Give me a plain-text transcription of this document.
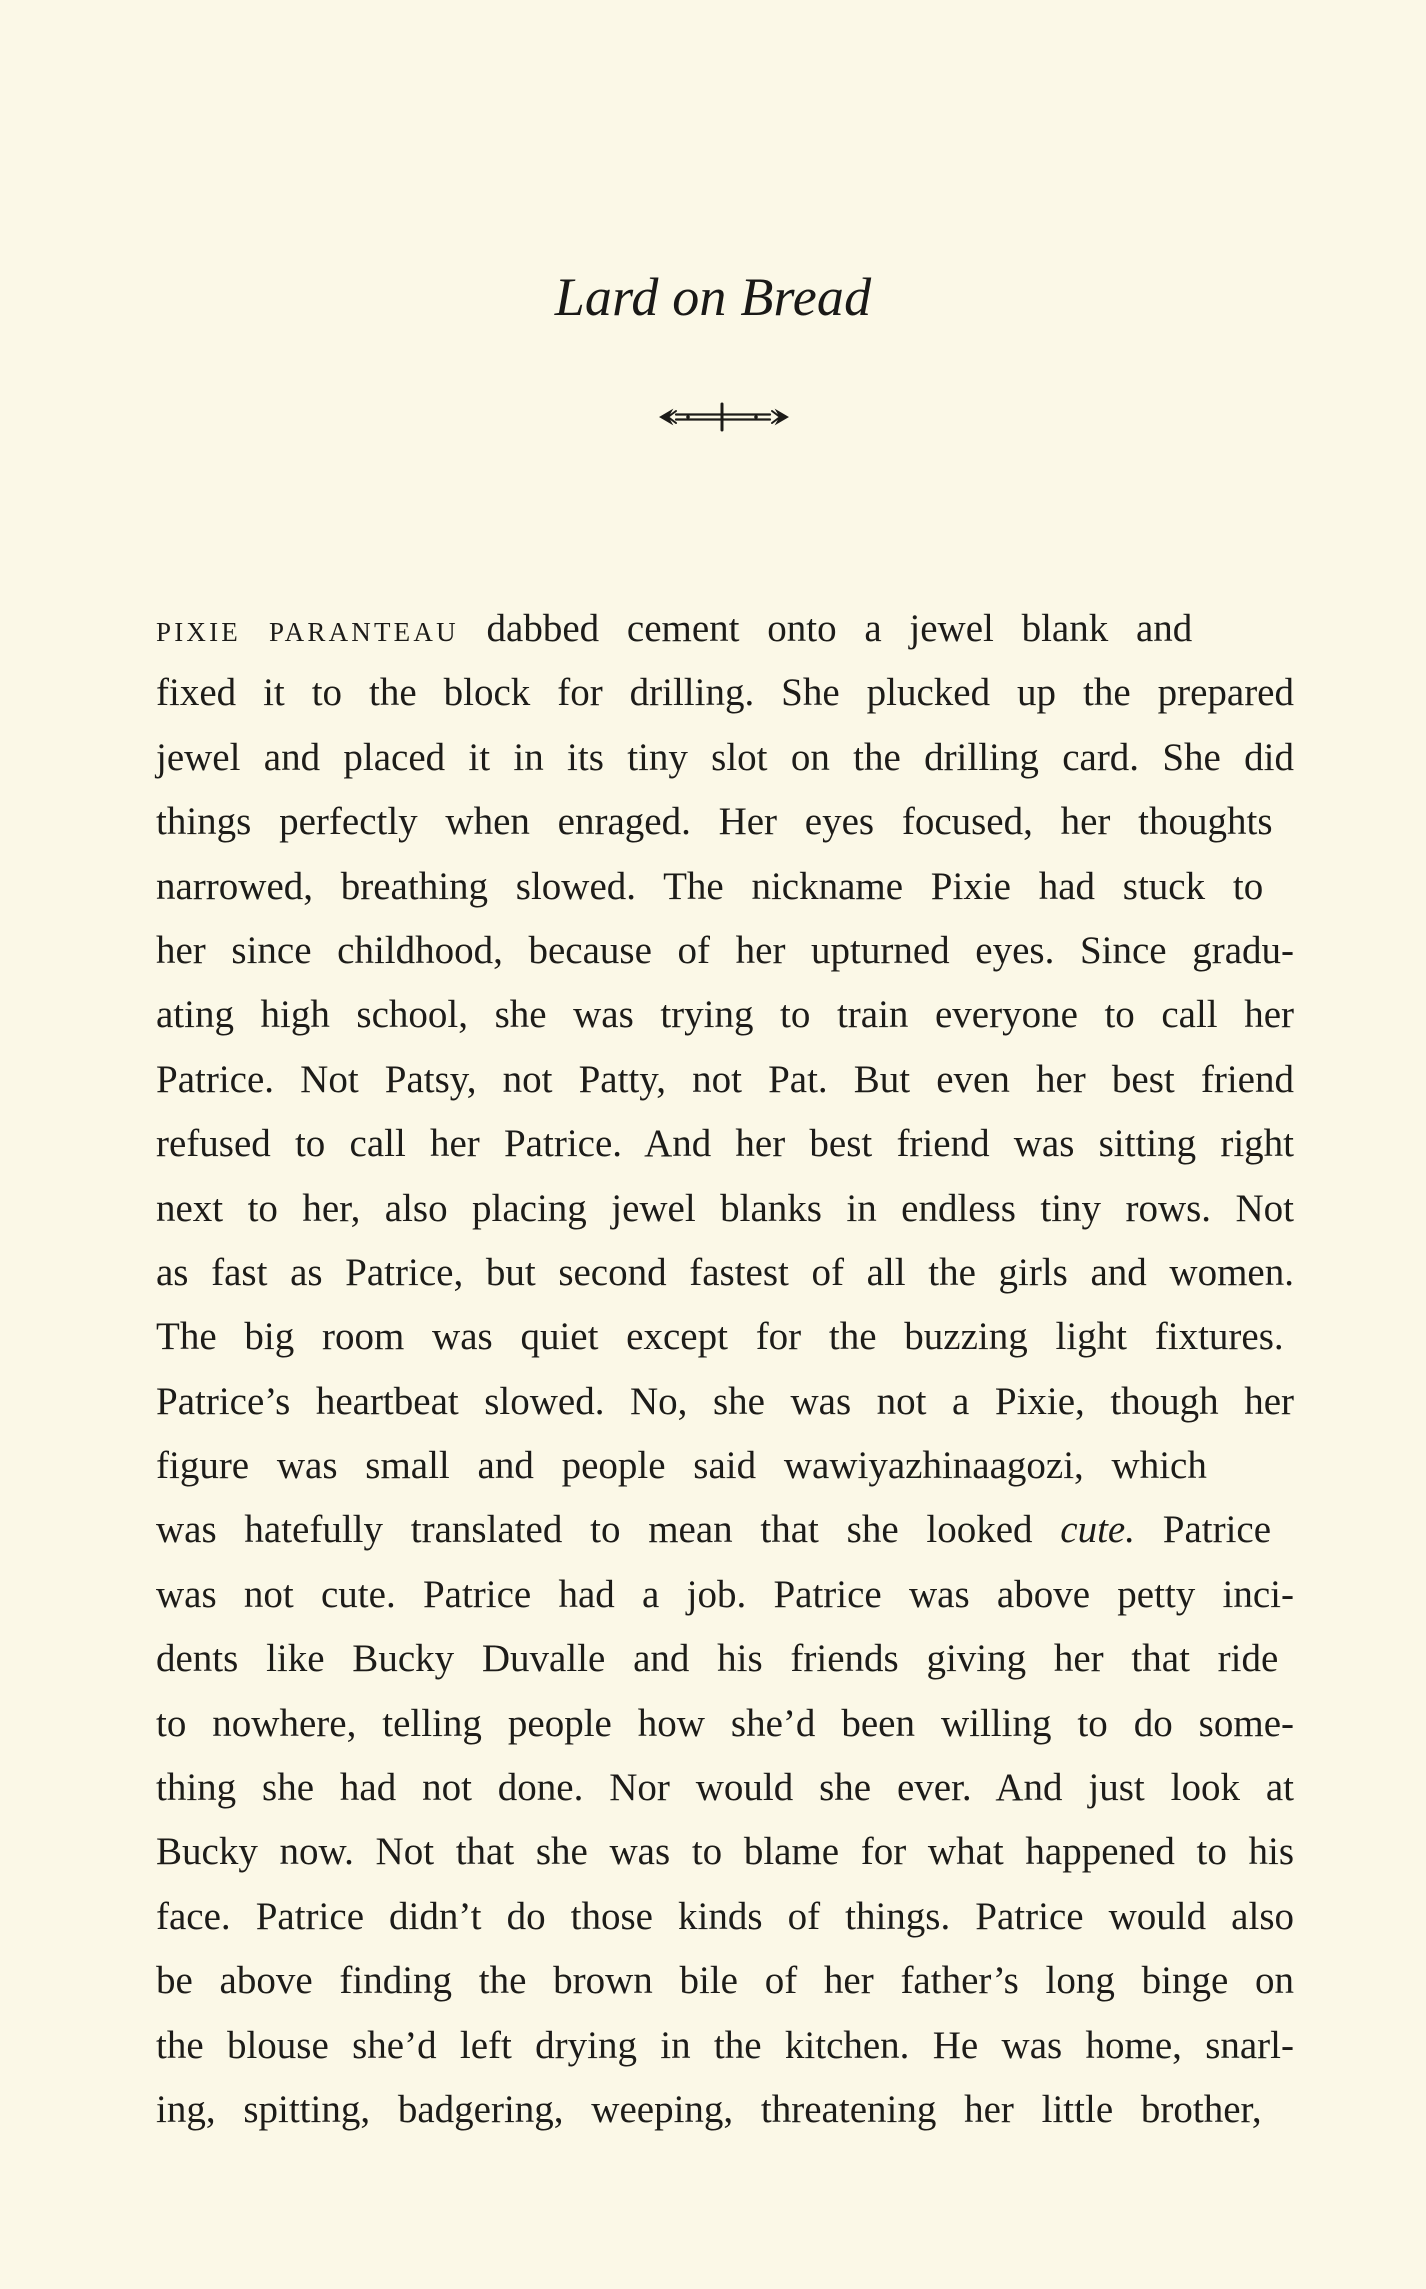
Lard on Bread
PIXIE PARANTEAU dabbed cement onto a jewel blank and
fixed it to the block for drilling. She plucked up the prepared
jewel and placed it in its tiny slot on the drilling card. She did
things perfectly when enraged. Her eyes focused, her thoughts
narrowed, breathing slowed. The nickname Pixie had stuck to
her since childhood, because of her upturned eyes. Since gradu-
ating high school, she was trying to train everyone to call her
Patrice. Not Patsy, not Patty, not Pat. But even her best friend
refused to call her Patrice. And her best friend was sitting right
next to her, also placing jewel blanks in endless tiny rows. Not
as fast as Patrice, but second fastest of all the girls and women.
The big room was quiet except for the buzzing light fixtures.
Patrice’s heartbeat slowed. No, she was not a Pixie, though her
figure was small and people said wawiyazhinaagozi, which
was hatefully translated to mean that she looked cute. Patrice
was not cute. Patrice had a job. Patrice was above petty inci-
dents like Bucky Duvalle and his friends giving her that ride
to nowhere, telling people how she’d been willing to do some-
thing she had not done. Nor would she ever. And just look at
Bucky now. Not that she was to blame for what happened to his
face. Patrice didn’t do those kinds of things. Patrice would also
be above finding the brown bile of her father’s long binge on
the blouse she’d left drying in the kitchen. He was home, snarl-
ing, spitting, badgering, weeping, threatening her little brother,
